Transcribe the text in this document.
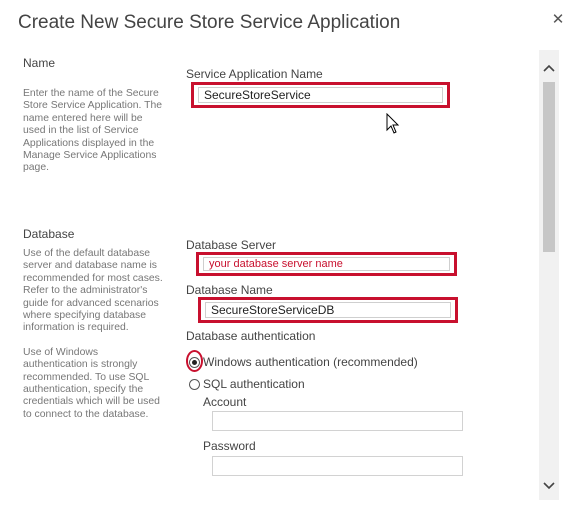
Create New Secure Store Service Application	✕
Name

Enter the name of the Secure Store Service Application. The name entered here will be used in the list of Service Applications displayed in the Manage Service Applications page.

Service Application Name
SecureStoreService
Database

Use of the default database server and database name is recommended for most cases. Refer to the administrator's guide for advanced scenarios where specifying database information is required.

Use of Windows authentication is strongly recommended. To use SQL authentication, specify the credentials which will be used to connect to the database.

Database Server
your database server name
Database Name
SecureStoreServiceDB
Database authentication
Windows authentication (recommended)
SQL authentication
Account
Password
